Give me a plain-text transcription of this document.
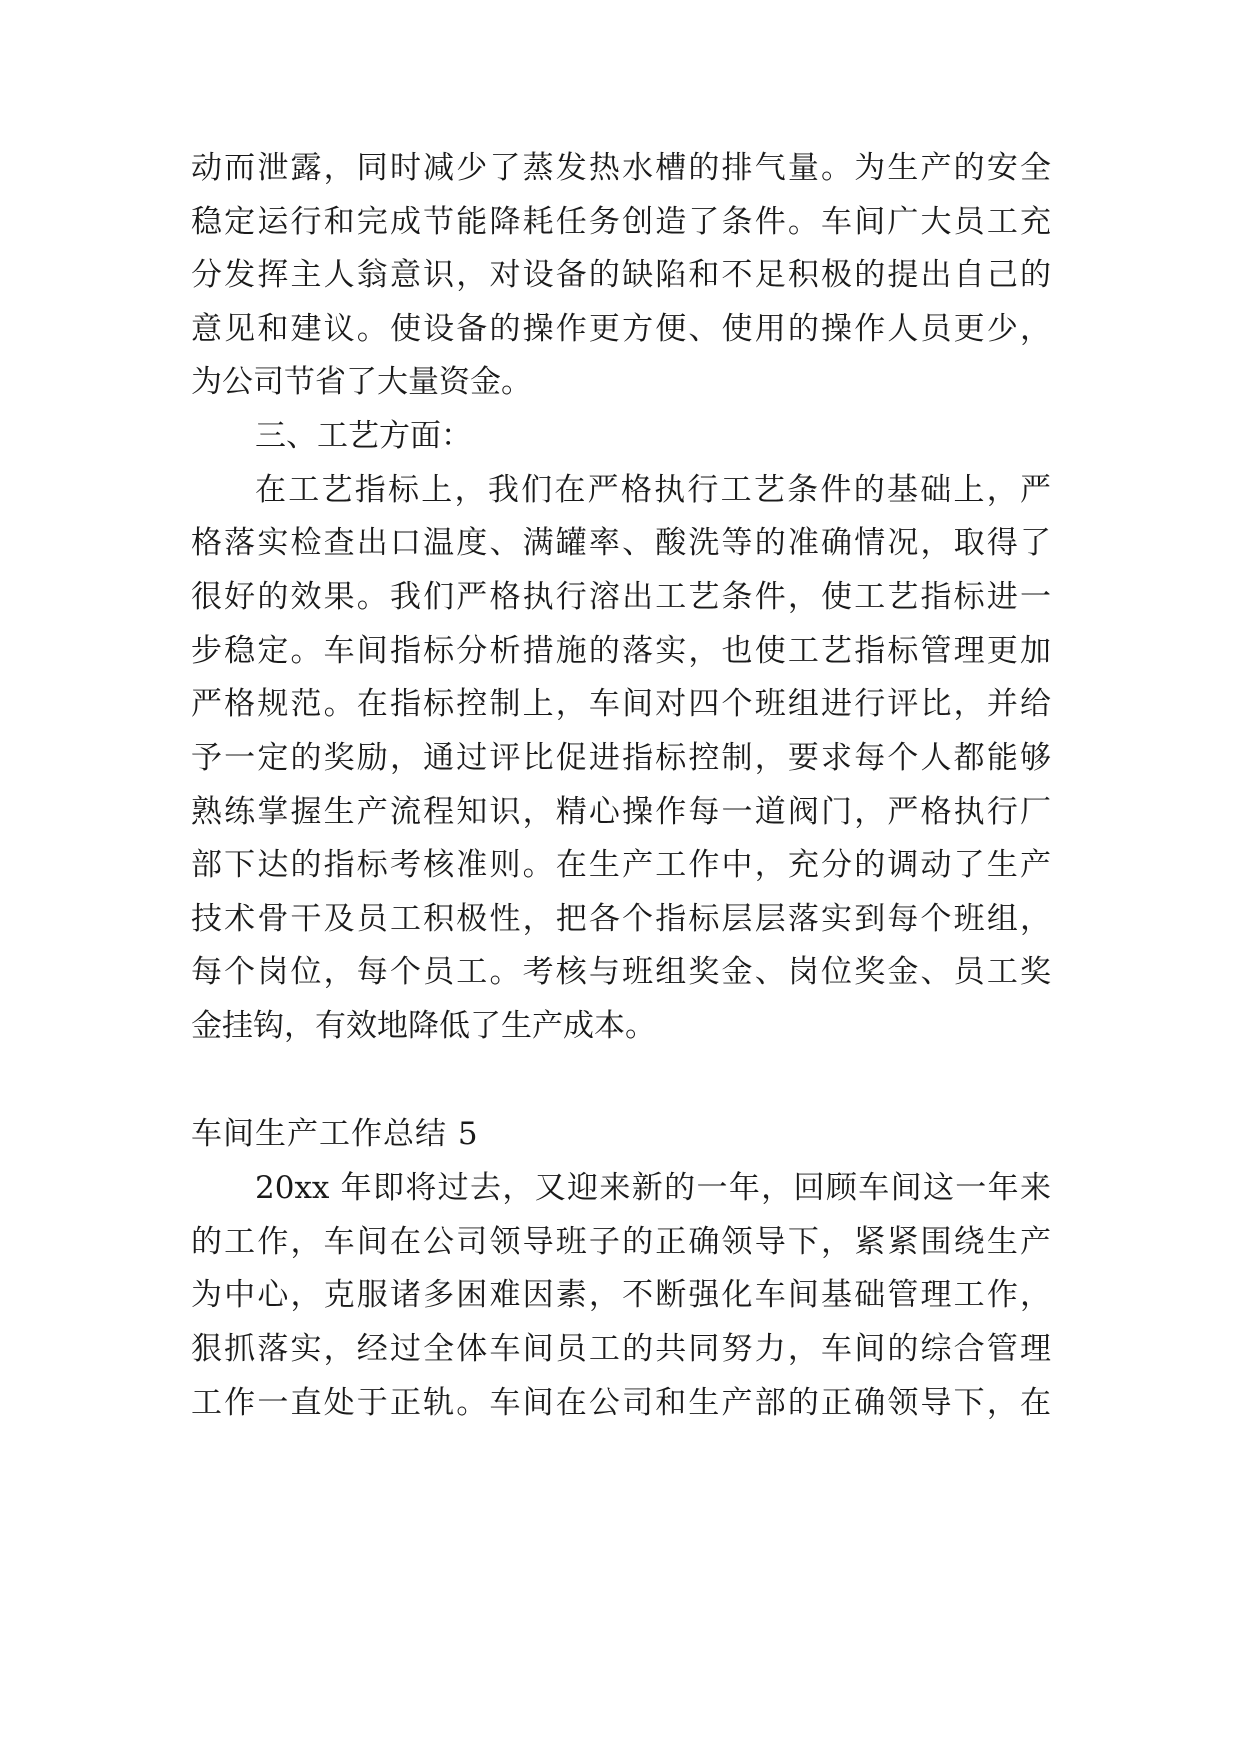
动而泄露，同时减少了蒸发热水槽的排气量。为生产的安全
稳定运行和完成节能降耗任务创造了条件。车间广大员工充
分发挥主人翁意识，对设备的缺陷和不足积极的提出自己的
意见和建议。使设备的操作更方便、使用的操作人员更少，
为公司节省了大量资金。
三、工艺方面：
在工艺指标上，我们在严格执行工艺条件的基础上，严
格落实检查出口温度、满罐率、酸洗等的准确情况，取得了
很好的效果。我们严格执行溶出工艺条件，使工艺指标进一
步稳定。车间指标分析措施的落实，也使工艺指标管理更加
严格规范。在指标控制上，车间对四个班组进行评比，并给
予一定的奖励，通过评比促进指标控制，要求每个人都能够
熟练掌握生产流程知识，精心操作每一道阀门，严格执行厂
部下达的指标考核准则。在生产工作中，充分的调动了生产
技术骨干及员工积极性，把各个指标层层落实到每个班组，
每个岗位，每个员工。考核与班组奖金、岗位奖金、员工奖
金挂钩，有效地降低了生产成本。
车间生产工作总结 5
20xx 年即将过去，又迎来新的一年，回顾车间这一年来
的工作，车间在公司领导班子的正确领导下，紧紧围绕生产
为中心，克服诸多困难因素，不断强化车间基础管理工作，
狠抓落实，经过全体车间员工的共同努力，车间的综合管理
工作一直处于正轨。车间在公司和生产部的正确领导下，在
